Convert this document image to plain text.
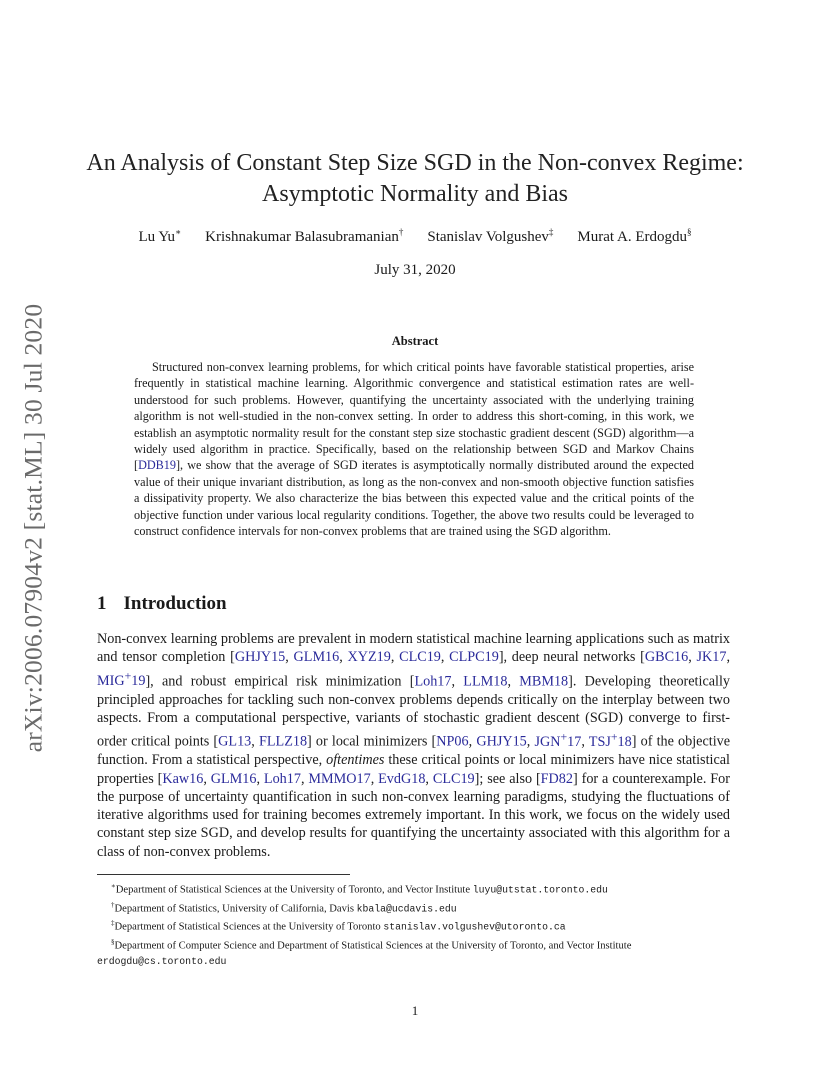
arXiv:2006.07904v2 [stat.ML] 30 Jul 2020
An Analysis of Constant Step Size SGD in the Non-convex Regime:
Asymptotic Normality and Bias
Lu Yu∗ Krishnakumar Balasubramanian† Stanislav Volgushev‡ Murat A. Erdogdu§
July 31, 2020
Abstract

Structured non-convex learning problems, for which critical points have favorable statistical properties, arise frequently in statistical machine learning. Algorithmic convergence and statistical estimation rates are well-understood for such problems. However, quantifying the uncertainty associated with the underlying training algorithm is not well-studied in the non-convex setting. In order to address this short-coming, in this work, we establish an asymptotic normality result for the constant step size stochastic gradient descent (SGD) algorithm—a widely used algorithm in practice. Specifically, based on the relationship between SGD and Markov Chains [DDB19], we show that the average of SGD iterates is asymptotically normally distributed around the expected value of their unique invariant distribution, as long as the non-convex and non-smooth objective function satisfies a dissipativity property. We also characterize the bias between this expected value and the critical points of the objective function under various local regularity conditions. Together, the above two results could be leveraged to construct confidence intervals for non-convex problems that are trained using the SGD algorithm.

1 Introduction

Non-convex learning problems are prevalent in modern statistical machine learning applications such as matrix and tensor completion [GHJY15, GLM16, XYZ19, CLC19, CLPC19], deep neural networks [GBC16, JK17, MIG+19], and robust empirical risk minimization [Loh17, LLM18, MBM18]. Developing theoretically principled approaches for tackling such non-convex problems depends critically on the interplay between two aspects. From a computational perspective, variants of stochastic gradient descent (SGD) converge to first-order critical points [GL13, FLLZ18] or local minimizers [NP06, GHJY15, JGN+17, TSJ+18] of the objective function. From a statistical perspective, oftentimes these critical points or local minimizers have nice statistical properties [Kaw16, GLM16, Loh17, MMMO17, EvdG18, CLC19]; see also [FD82] for a counterexample. For the purpose of uncertainty quantification in such non-convex learning paradigms, studying the fluctuations of iterative algorithms used for training becomes extremely important. In this work, we focus on the widely used constant step size SGD, and develop results for quantifying the uncertainty associated with this algorithm for a class of non-convex problems.

∗Department of Statistical Sciences at the University of Toronto, and Vector Institute luyu@utstat.toronto.edu
†Department of Statistics, University of California, Davis kbala@ucdavis.edu
‡Department of Statistical Sciences at the University of Toronto stanislav.volgushev@utoronto.ca
§Department of Computer Science and Department of Statistical Sciences at the University of Toronto, and Vector Institute erdogdu@cs.toronto.edu
1
